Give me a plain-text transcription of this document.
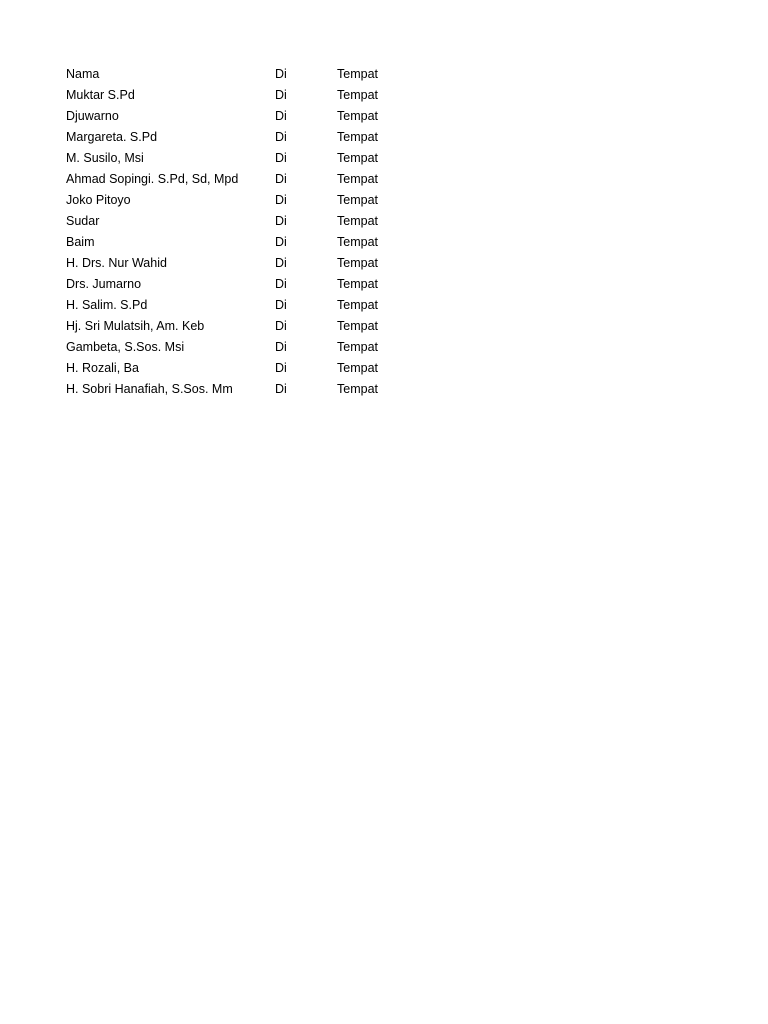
Nama	Di	Tempat
Muktar S.Pd	Di	Tempat
Djuwarno	Di	Tempat
Margareta. S.Pd	Di	Tempat
M. Susilo, Msi	Di	Tempat
Ahmad Sopingi. S.Pd, Sd, Mpd	Di	Tempat
Joko Pitoyo	Di	Tempat
Sudar	Di	Tempat
Baim	Di	Tempat
H. Drs. Nur Wahid	Di	Tempat
Drs. Jumarno	Di	Tempat
H. Salim. S.Pd	Di	Tempat
Hj. Sri Mulatsih, Am. Keb	Di	Tempat
Gambeta, S.Sos. Msi	Di	Tempat
H. Rozali, Ba	Di	Tempat
H. Sobri Hanafiah, S.Sos. Mm	Di	Tempat
